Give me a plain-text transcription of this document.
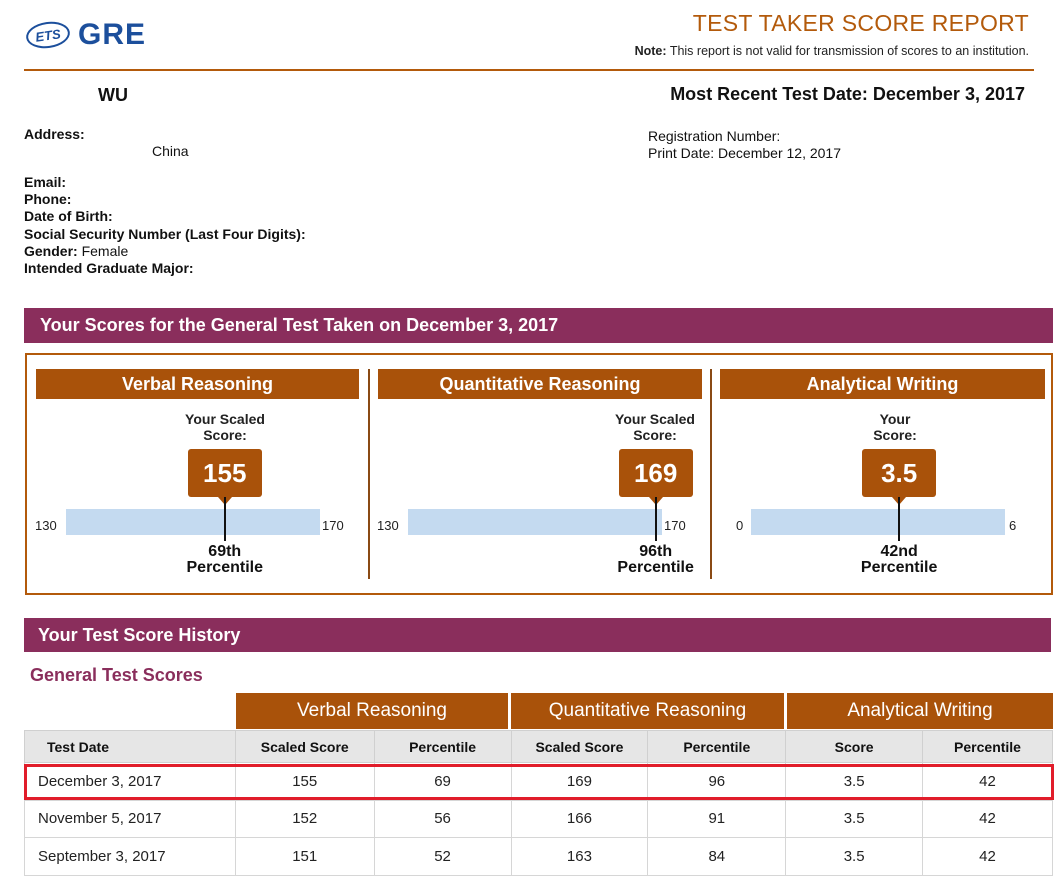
ETS GRE	TEST TAKER SCORE REPORT
Note: This report is not valid for transmission of scores to an institution.
WU	Most Recent Test Date: December 3, 2017
Address:
China
Registration Number:
Print Date: December 12, 2017
Email:
Phone:
Date of Birth:
Social Security Number (Last Four Digits):
Gender: Female
Intended Graduate Major:
Your Scores for the General Test Taken on December 3, 2017
Verbal Reasoning
Your Scaled
Score:
155
130	170
69th
Percentile
Quantitative Reasoning
Your Scaled
Score:
169
130	170
96th
Percentile
Analytical Writing
Your
Score:
3.5
0	6
42nd
Percentile
Your Test Score History
General Test Scores
Verbal Reasoning	Quantitative Reasoning	Analytical Writing
Test Date	Scaled Score	Percentile	Scaled Score	Percentile	Score	Percentile
December 3, 2017	155	69	169	96	3.5	42
November 5, 2017	152	56	166	91	3.5	42
September 3, 2017	151	52	163	84	3.5	42
